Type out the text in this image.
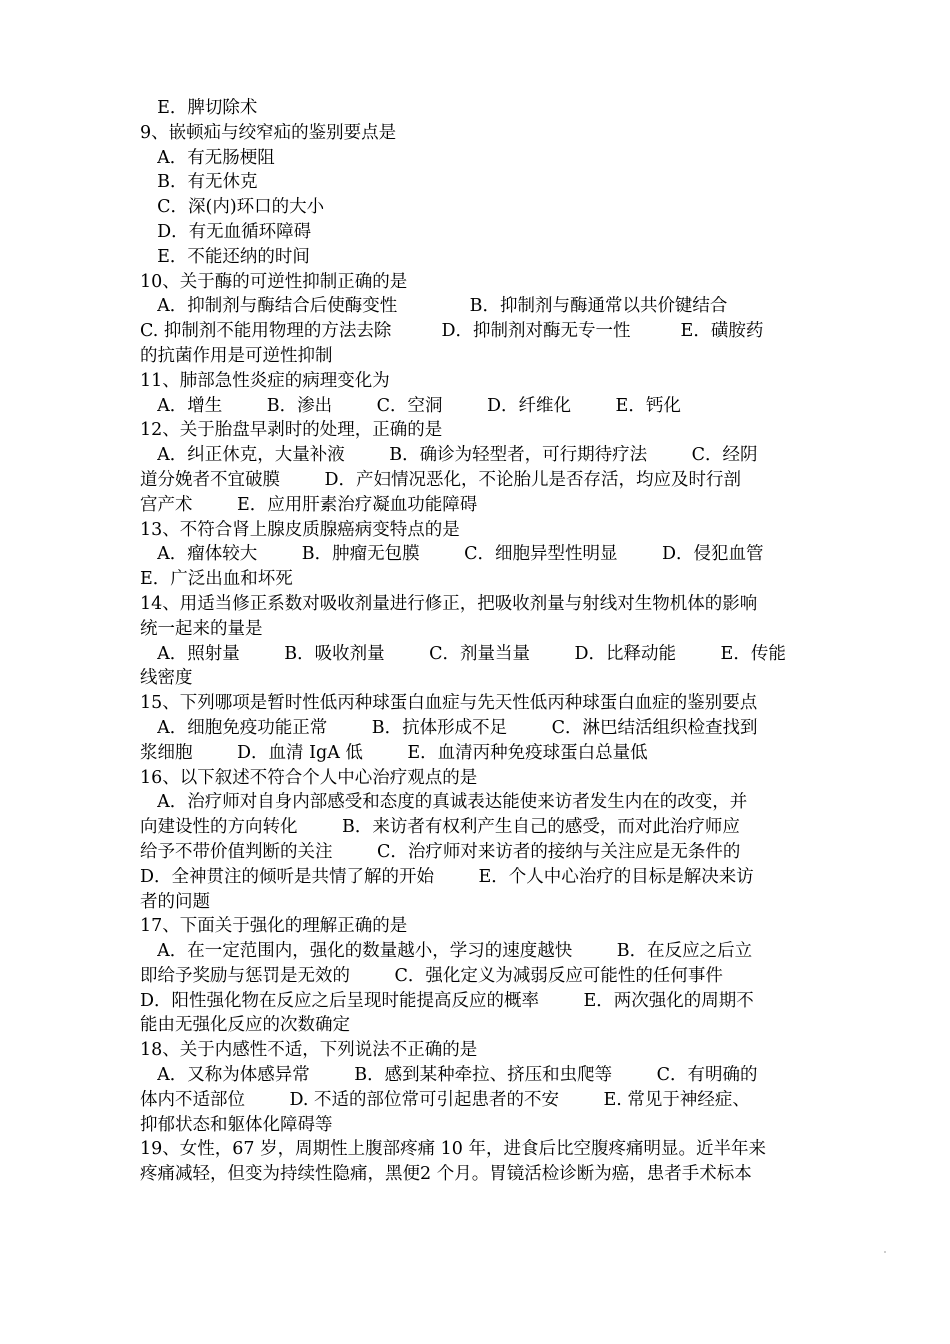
E．脾切除术
9、嵌顿疝与绞窄疝的鉴别要点是
A．有无肠梗阻
B．有无休克
C．深(内)环口的大小
D．有无血循环障碍
E．不能还纳的时间
10、关于酶的可逆性抑制正确的是
A．抑制剂与酶结合后使酶变性             B．抑制剂与酶通常以共价键结合
C. 抑制剂不能用物理的方法去除         D．抑制剂对酶无专一性         E．磺胺药
的抗菌作用是可逆性抑制
11、肺部急性炎症的病理变化为
A．增生        B．渗出        C．空洞        D．纤维化        E．钙化
12、关于胎盘早剥时的处理，正确的是
A．纠正休克，大量补液        B．确诊为轻型者，可行期待疗法        C．经阴
道分娩者不宜破膜        D．产妇情况恶化，不论胎儿是否存活，均应及时行剖
宫产术        E．应用肝素治疗凝血功能障碍
13、不符合肾上腺皮质腺癌病变特点的是
A．瘤体较大        B．肿瘤无包膜        C．细胞异型性明显        D．侵犯血管
E．广泛出血和坏死
14、用适当修正系数对吸收剂量进行修正，把吸收剂量与射线对生物机体的影响
统一起来的量是
A．照射量        B．吸收剂量        C．剂量当量        D．比释动能        E．传能
线密度
15、下列哪项是暂时性低丙种球蛋白血症与先天性低丙种球蛋白血症的鉴别要点
A．细胞免疫功能正常        B．抗体形成不足        C．淋巴结活组织检查找到
浆细胞        D．血清 IgA 低        E．血清丙种免疫球蛋白总量低
16、以下叙述不符合个人中心治疗观点的是
A．治疗师对自身内部感受和态度的真诚表达能使来访者发生内在的改变，并
向建设性的方向转化        B．来访者有权利产生自己的感受，而对此治疗师应
给予不带价值判断的关注        C．治疗师对来访者的接纳与关注应是无条件的
D．全神贯注的倾听是共情了解的开始        E．个人中心治疗的目标是解决来访
者的问题
17、下面关于强化的理解正确的是
A．在一定范围内，强化的数量越小，学习的速度越快        B．在反应之后立
即给予奖励与惩罚是无效的        C．强化定义为减弱反应可能性的任何事件
D．阳性强化物在反应之后呈现时能提高反应的概率        E．两次强化的周期不
能由无强化反应的次数确定
18、关于内感性不适，下列说法不正确的是
A．又称为体感异常        B．感到某种牵拉、挤压和虫爬等        C．有明确的
体内不适部位        D. 不适的部位常可引起患者的不安        E. 常见于神经症、
抑郁状态和躯体化障碍等
19、女性，67 岁，周期性上腹部疼痛 10 年，进食后比空腹疼痛明显。近半年来
疼痛减轻，但变为持续性隐痛，黑便2 个月。胃镜活检诊断为癌，患者手术标本
